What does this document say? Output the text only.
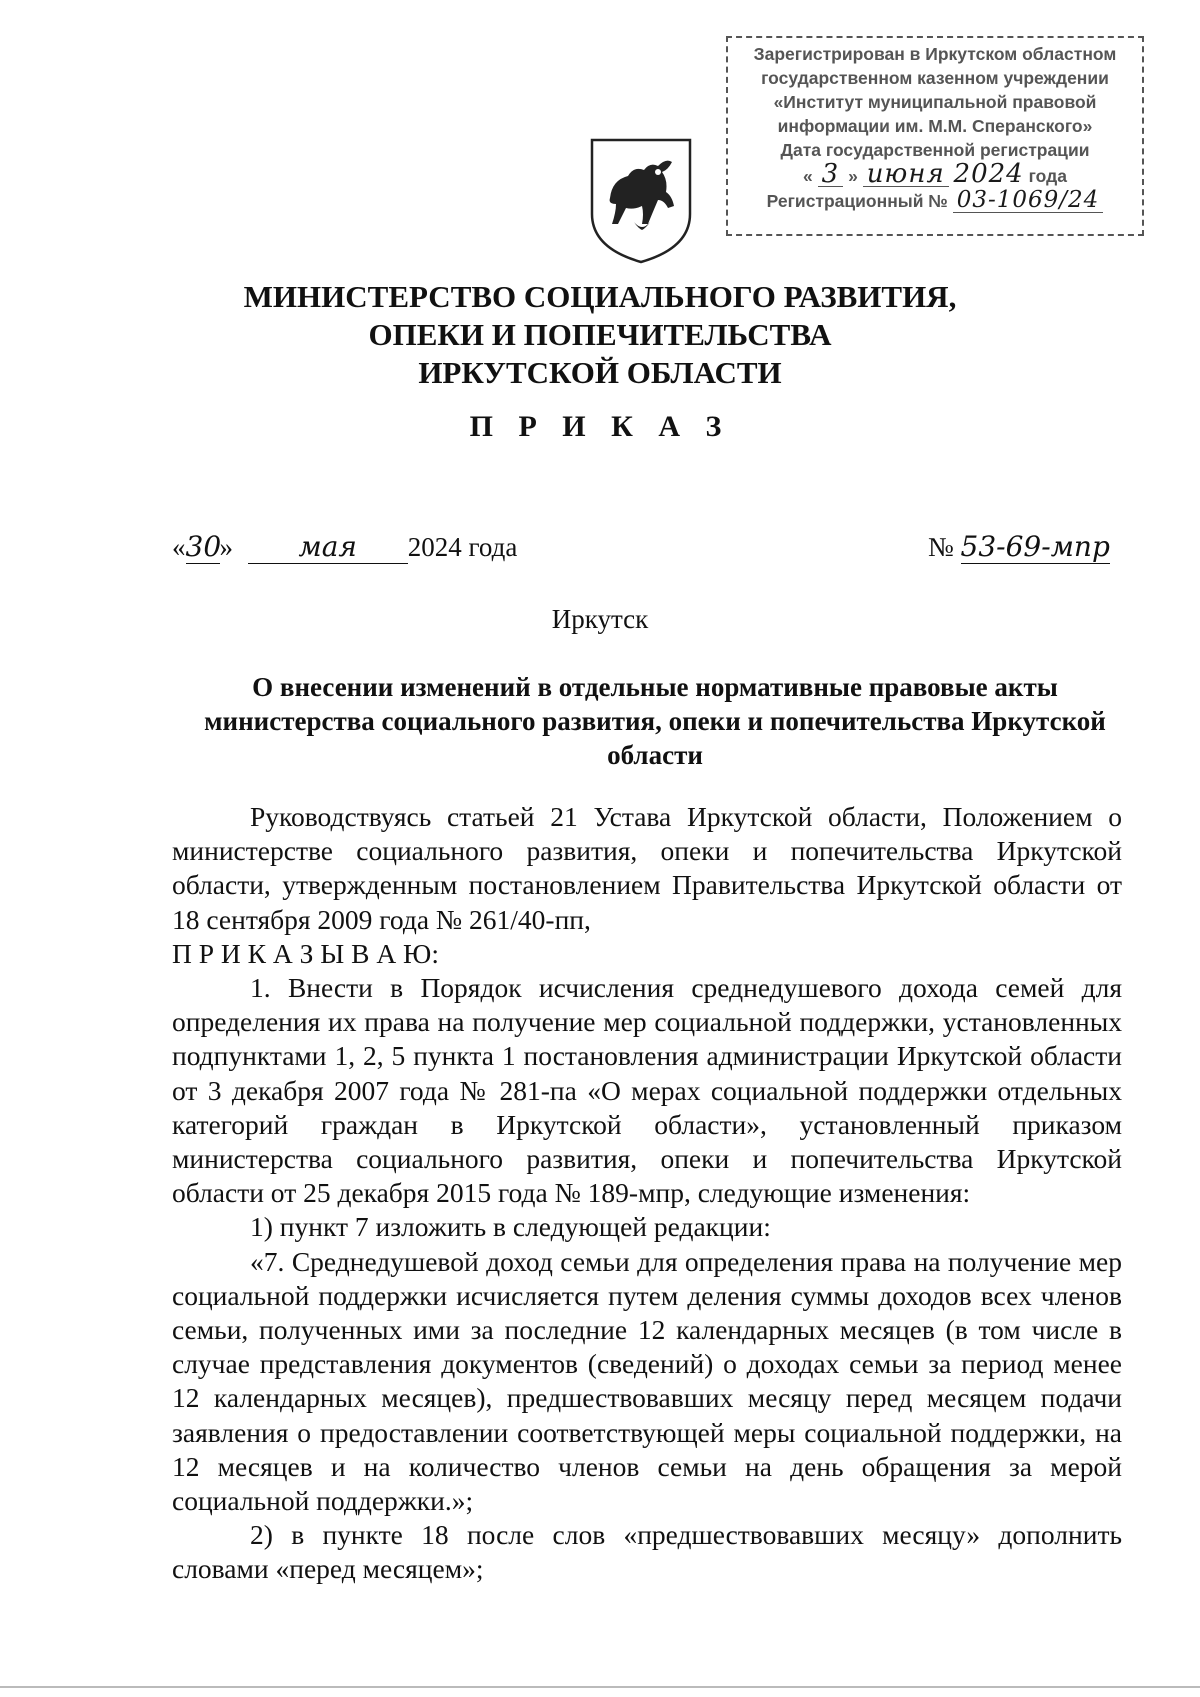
Зарегистрирован в Иркутском областном
государственном казенном учреждении
«Институт муниципальной правовой
информации им. М.М. Сперанского»
Дата государственной регистрации
« 3 » июня 2024 года
Регистрационный № 03-1069/24
МИНИСТЕРСТВО СОЦИАЛЬНОГО РАЗВИТИЯ,
ОПЕКИ И ПОПЕЧИТЕЛЬСТВА
ИРКУТСКОЙ ОБЛАСТИ
П Р И К А З
«30» мая 2024 года	№ 53-69-мпр
Иркутск
О внесении изменений в отдельные нормативные правовые акты
министерства социального развития, опеки и попечительства Иркутской
области

Руководствуясь статьей 21 Устава Иркутской области, Положением о министерстве социального развития, опеки и попечительства Иркутской области, утвержденным постановлением Правительства Иркутской области от 18 сентября 2009 года № 261/40-пп,

П Р И К А З Ы В А Ю:

1. Внести в Порядок исчисления среднедушевого дохода семей для определения их права на получение мер социальной поддержки, установленных подпунктами 1, 2, 5 пункта 1 постановления администрации Иркутской области от 3 декабря 2007 года № 281-па «О мерах социальной поддержки отдельных категорий граждан в Иркутской области», установленный приказом министерства социального развития, опеки и попечительства Иркутской области от 25 декабря 2015 года № 189-мпр, следующие изменения:

1) пункт 7 изложить в следующей редакции:

«7. Среднедушевой доход семьи для определения права на получение мер социальной поддержки исчисляется путем деления суммы доходов всех членов семьи, полученных ими за последние 12 календарных месяцев (в том числе в случае представления документов (сведений) о доходах семьи за период менее 12 календарных месяцев), предшествовавших месяцу перед месяцем подачи заявления о предоставлении соответствующей меры социальной поддержки, на 12 месяцев и на количество членов семьи на день обращения за мерой социальной поддержки.»;

2) в пункте 18 после слов «предшествовавших месяцу» дополнить словами «перед месяцем»;
